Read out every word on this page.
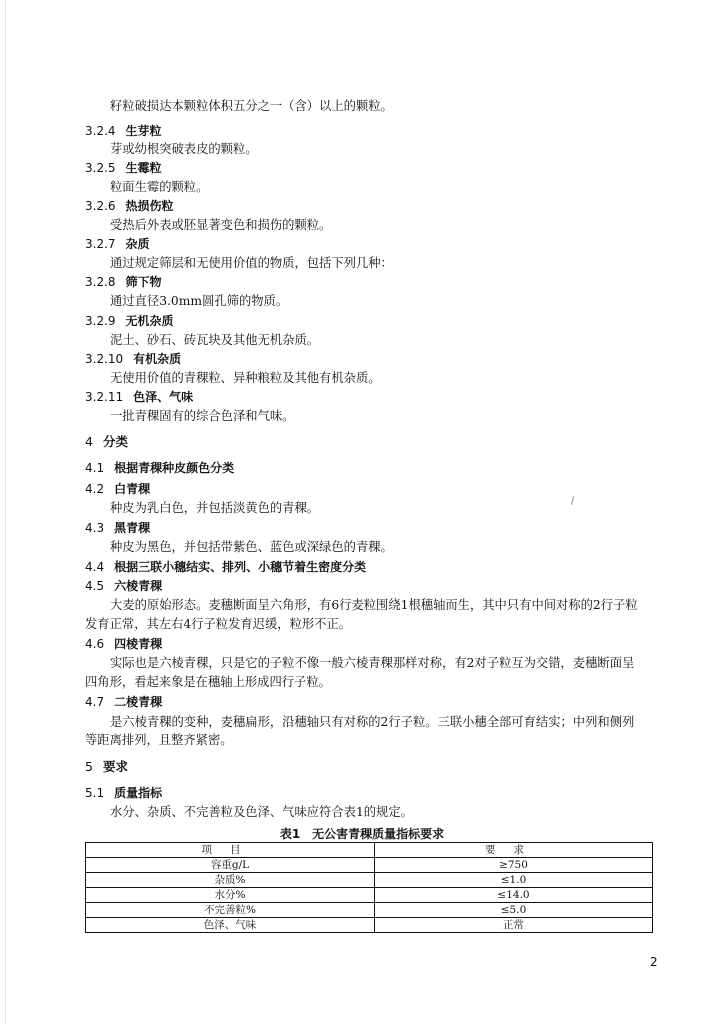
籽粒破损达本颗粒体积五分之一（含）以上的颗粒。
3.2.4 生芽粒
芽或幼根突破表皮的颗粒。
3.2.5 生霉粒
粒面生霉的颗粒。
3.2.6 热损伤粒
受热后外表或胚显著变色和损伤的颗粒。
3.2.7 杂质
通过规定筛层和无使用价值的物质，包括下列几种：
3.2.8 筛下物
通过直径3.0mm圆孔筛的物质。
3.2.9 无机杂质
泥土、砂石、砖瓦块及其他无机杂质。
3.2.10 有机杂质
无使用价值的青稞粒、异种粮粒及其他有机杂质。
3.2.11 色泽、气味
一批青稞固有的综合色泽和气味。
4 分类
4.1 根据青稞种皮颜色分类
4.2 白青稞
种皮为乳白色，并包括淡黄色的青稞。
4.3 黑青稞
种皮为黑色，并包括带紫色、蓝色或深绿色的青稞。
4.4 根据三联小穗结实、排列、小穗节着生密度分类
4.5 六棱青稞
大麦的原始形态。麦穗断面呈六角形，有6行麦粒围绕1根穗轴而生，其中只有中间对称的2行子粒
发育正常，其左右4行子粒发育迟缓，粒形不正。
4.6 四棱青稞
实际也是六棱青稞，只是它的子粒不像一般六棱青稞那样对称，有2对子粒互为交错，麦穗断面呈
四角形，看起来象是在穗轴上形成四行子粒。
4.7 二棱青稞
是六棱青稞的变种，麦穗扁形，沿穗轴只有对称的2行子粒。三联小穗全部可育结实；中列和侧列
等距离排列，且整齐紧密。
5 要求
5.1 质量指标
水分、杂质、不完善粒及色泽、气味应符合表1的规定。
表1 无公害青稞质量指标要求
项目	要求
容重g/L	≥750
杂质%	≤1.0
水分%	≤14.0
不完善粒%	≤5.0
色泽、气味	正常
2
